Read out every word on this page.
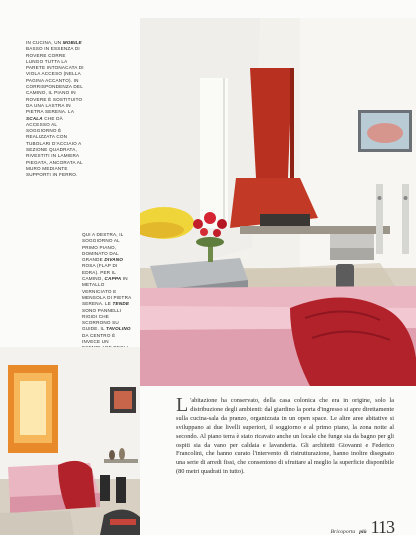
IN CUCINA, UN MOBILE BASSO IN ESSENZA DI ROVERE CORRE LUNGO TUTTA LA PARETE INTONACATA DI VIOLA ACCESO (NELLA PAGINA ACCANTO). IN CORRISPONDENZA DEL CAMINO, IL PIANO IN ROVERE È SOSTITUITO DA UNA LASTRA IN PIETRA SERENA. LA SCALA CHE DÀ ACCESSO AL SOGGIORNO È REALIZZATA CON TUBOLARI D'ACCIAIO A SEZIONE QUADRATA, RIVESTITI IN LAMIERA PIEGATA, ANCORATA AL MURO MEDIANTE SUPPORTI IN FERRO.
QUI A DESTRA, IL SOGGIORNO AL PRIMO PIANO, DOMINATO DAL GRANDE DIVANO ROSA (FLAP DI EDRA). PER IL CAMINO, CAPPA IN METALLO VERNICIATO E MENSOLA DI PIETRA SERENA. LE TENDE SONO PANNELLI RIGIDI CHE SCORRONO SU GUIDE. IL TAVOLINO DA CENTRO È INVECE UN
L 'abitazione ha conservato, della casa colonica che era in origine, solo la distribuzione degli ambienti: dal giardino la porta d'ingresso si apre direttamente sulla cucina-sala da pranzo, organizzata in un open space. Le altre aree abitative si sviluppano ai due livelli superiori, il soggiorno e al primo piano, la zona notte al secondo. Al piano terra è stato ricavato anche un locale che funge sia da bagno per gli ospiti sia da vano per caldaia e lavanderia. Gli architetti Giovanni e Federico Francolini, che hanno curato l'intervento di ristrutturazione, hanno inoltre disegnato una serie di arredi fissi, che consentono di sfruttare al meglio la superficie disponibile (80 metri quadrati in tutto).
Bricoporta più 113
